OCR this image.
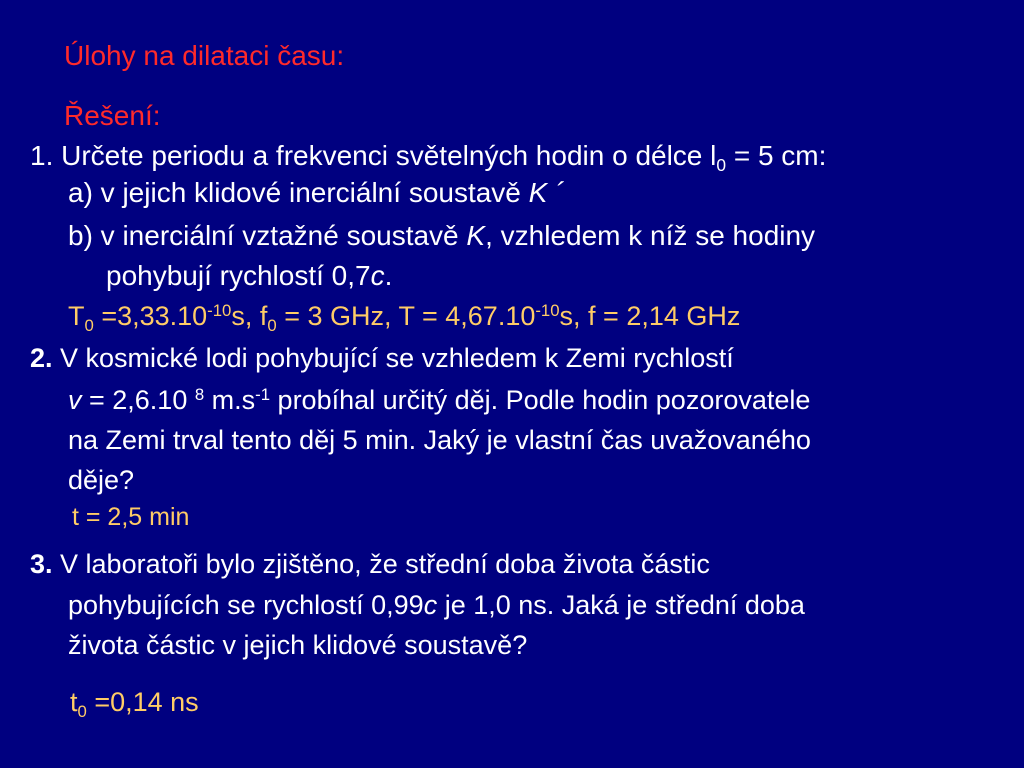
Úlohy na dilataci času:
Řešení:
1. Určete periodu a frekvenci světelných hodin o délce $l_0 = 5$ cm:
a) v jejich klidové inerciální soustavě K ´
b) v inerciální vztažné soustavě K, vzhledem k níž se hodiny
pohybují rychlostí 0,7c.
$T_0 =3,33.10^{-10}s$, $f_0 = 3$ GHz, $T = 4,67.10^{-10}s$, f = 2,14 GHz
2. V kosmické lodi pohybující se vzhledem k Zemi rychlostí
v = 2,6.10 $^8$ $m.s^{-1}$ probíhal určitý děj. Podle hodin pozorovatele
na Zemi trval tento děj 5 min. Jaký je vlastní čas uvažovaného
děje?
t = 2,5 min
3. V laboratoři bylo zjištěno, že střední doba života částic
pohybujících se rychlostí 0,99c je 1,0 ns. Jaká je střední doba
života částic v jejich klidové soustavě?
$t_0 =0,14$ ns
